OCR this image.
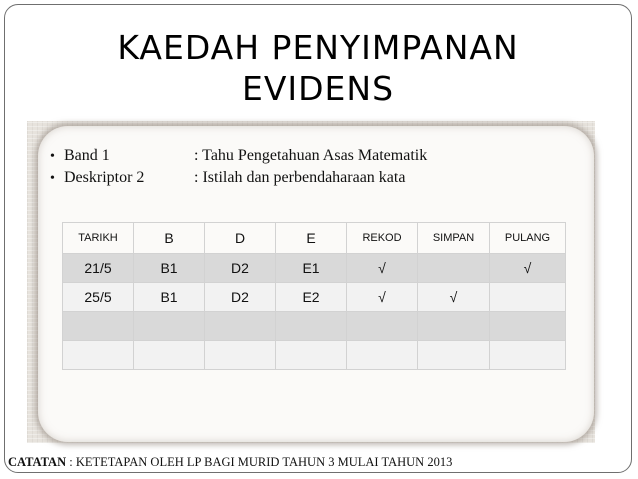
KAEDAH PENYIMPANAN
EVIDENS
• Band 1	: Tahu Pengetahuan Asas Matematik
• Deskriptor 2	: Istilah dan perbendaharaan kata
TARIKH	B	D	E	REKOD	SIMPAN	PULANG
21/5	B1	D2	E1	√		√
25/5	B1	D2	E2	√	√	

CATATAN : KETETAPAN OLEH LP BAGI MURID TAHUN 3 MULAI TAHUN 2013
